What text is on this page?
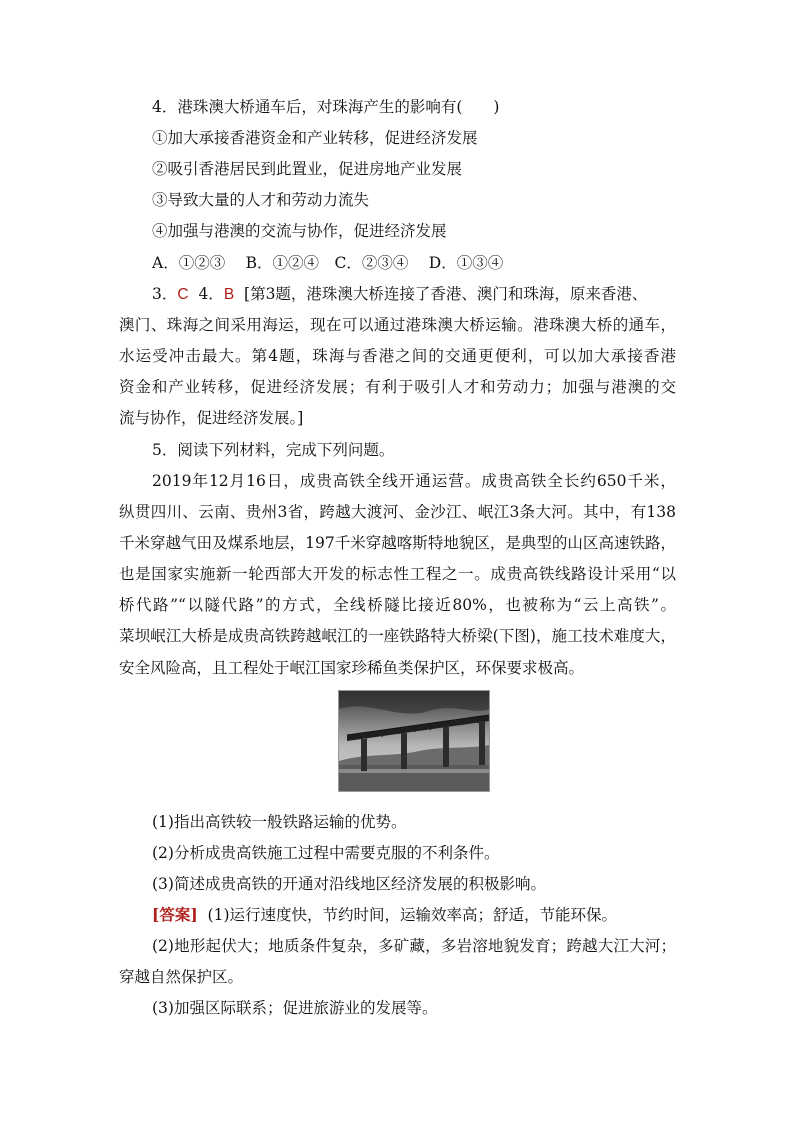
4．港珠澳大桥通车后，对珠海产生的影响有(　　)
①加大承接香港资金和产业转移，促进经济发展
②吸引香港居民到此置业，促进房地产业发展
③导致大量的人才和劳动力流失
④加强与港澳的交流与协作，促进经济发展
A．①②③　 B．①②④　C．②③④　 D．①③④
3．C 4．B [第3题，港珠澳大桥连接了香港、澳门和珠海，原来香港、
澳门、珠海之间采用海运，现在可以通过港珠澳大桥运输。港珠澳大桥的通车，
水运受冲击最大。第4题，珠海与香港之间的交通更便利，可以加大承接香港
资金和产业转移，促进经济发展；有利于吸引人才和劳动力；加强与港澳的交
流与协作，促进经济发展。]
5．阅读下列材料，完成下列问题。
2019年12月16日，成贵高铁全线开通运营。成贵高铁全长约650千米，
纵贯四川、云南、贵州3省，跨越大渡河、金沙江、岷江3条大河。其中，有138
千米穿越气田及煤系地层，197千米穿越喀斯特地貌区，是典型的山区高速铁路，
也是国家实施新一轮西部大开发的标志性工程之一。成贵高铁线路设计采用“以
桥代路”“以隧代路”的方式，全线桥隧比接近80%，也被称为“云上高铁”。
菜坝岷江大桥是成贵高铁跨越岷江的一座铁路特大桥梁(下图)，施工技术难度大，
安全风险高，且工程处于岷江国家珍稀鱼类保护区，环保要求极高。
(1)指出高铁较一般铁路运输的优势。
(2)分析成贵高铁施工过程中需要克服的不利条件。
(3)简述成贵高铁的开通对沿线地区经济发展的积极影响。
[答案] (1)运行速度快，节约时间，运输效率高；舒适，节能环保。
(2)地形起伏大；地质条件复杂，多矿藏，多岩溶地貌发育；跨越大江大河；
穿越自然保护区。
(3)加强区际联系；促进旅游业的发展等。
